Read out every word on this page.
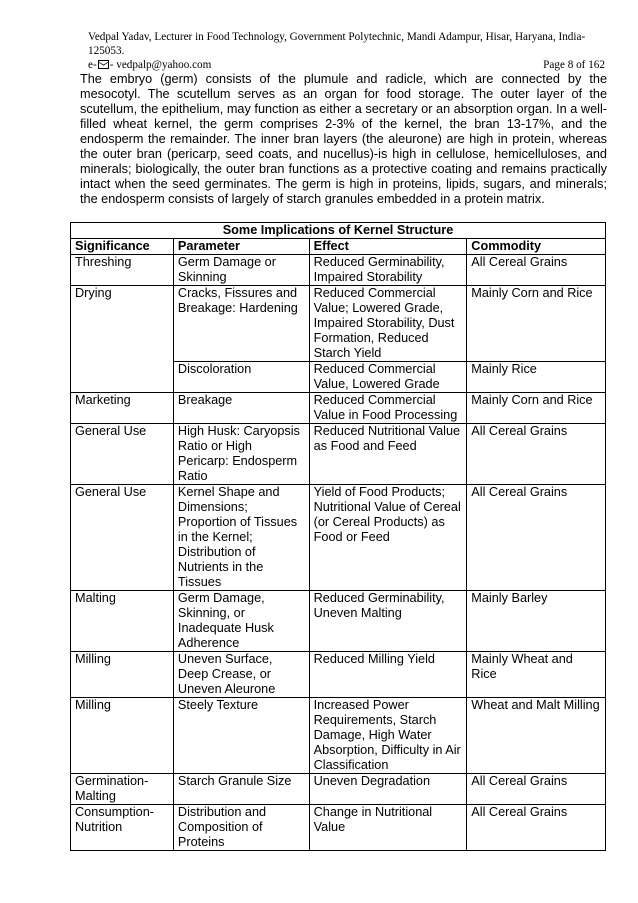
Vedpal Yadav, Lecturer in Food Technology, Government Polytechnic, Mandi Adampur, Hisar, Haryana, India-125053.
e- - vedpalp@yahoo.com	Page 8 of 162
The embryo (germ) consists of the plumule and radicle, which are connected by the mesocotyl. The scutellum serves as an organ for food storage. The outer layer of the scutellum, the epithelium, may function as either a secretary or an absorption organ. In a well-filled wheat kernel, the germ comprises 2-3% of the kernel, the bran 13-17%, and the endosperm the remainder. The inner bran layers (the aleurone) are high in protein, whereas the outer bran (pericarp, seed coats, and nucellus)-is high in cellulose, hemicelluloses, and minerals; biologically, the outer bran functions as a protective coating and remains practically intact when the seed germinates. The germ is high in proteins, lipids, sugars, and minerals; the endosperm consists of largely of starch granules embedded in a protein matrix.
Some Implications of Kernel Structure			
Significance	Parameter	Effect	Commodity
Threshing	Germ Damage or Skinning	Reduced Germinability, Impaired Storability	All Cereal Grains
Drying	Cracks, Fissures and Breakage: Hardening	Reduced Commercial Value; Lowered Grade, Impaired Storability, Dust Formation, Reduced Starch Yield	Mainly Corn and Rice
	Discoloration	Reduced Commercial Value, Lowered Grade	Mainly Rice
Marketing	Breakage	Reduced Commercial Value in Food Processing	Mainly Corn and Rice
General Use	High Husk: Caryopsis Ratio or High Pericarp: Endosperm Ratio	Reduced Nutritional Value as Food and Feed	All Cereal Grains
General Use	Kernel Shape and Dimensions; Proportion of Tissues in the Kernel; Distribution of Nutrients in the Tissues	Yield of Food Products; Nutritional Value of Cereal (or Cereal Products) as Food or Feed	All Cereal Grains
Malting	Germ Damage, Skinning, or Inadequate Husk Adherence	Reduced Germinability, Uneven Malting	Mainly Barley
Milling	Uneven Surface, Deep Crease, or Uneven Aleurone	Reduced Milling Yield	Mainly Wheat and Rice
Milling	Steely Texture	Increased Power Requirements, Starch Damage, High Water Absorption, Difficulty in Air Classification	Wheat and Malt Milling
Germination-Malting	Starch Granule Size	Uneven Degradation	All Cereal Grains
Consumption-Nutrition	Distribution and Composition of Proteins	Change in Nutritional Value	All Cereal Grains
